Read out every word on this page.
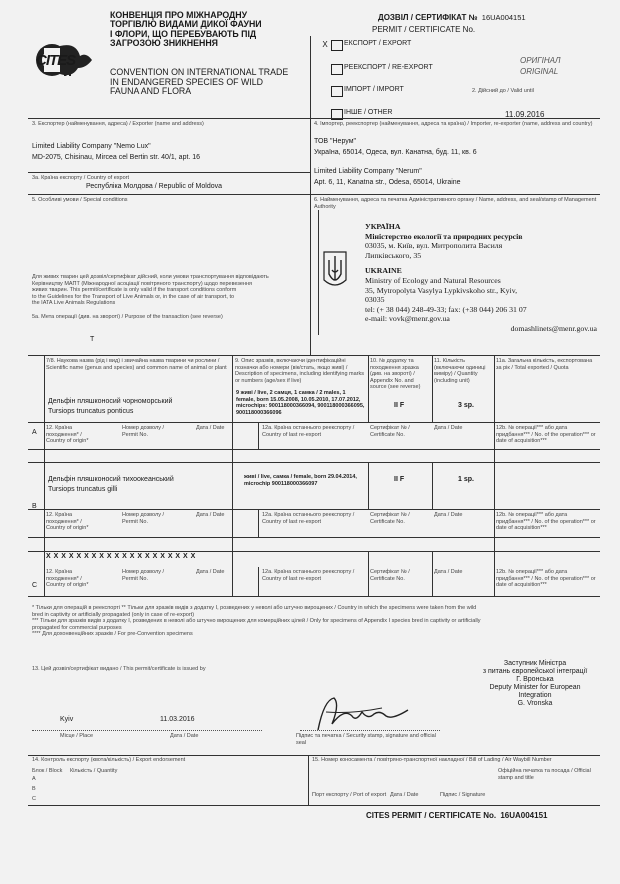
CITES
КОНВЕНЦІЯ ПРО МІЖНАРОДНУ
ТОРГІВЛЮ ВИДАМИ ДИКОЇ ФАУНИ
І ФЛОРИ, ЩО ПЕРЕБУВАЮТЬ ПІД
ЗАГРОЗОЮ ЗНИКНЕННЯ
CONVENTION ON INTERNATIONAL TRADE
IN ENDANGERED SPECIES OF WILD
FAUNA AND FLORA
ДОЗВІЛ / СЕРТИФІКАТ № 16UA004151
PERMIT / CERTIFICATE No.
X	ЕКСПОРТ / EXPORT
РЕЕКСПОРТ / RE-EXPORT
ІМПОРТ / IMPORT
ІНШЕ / OTHER
ОРИГІНАЛ
ORIGINAL
2. Дійсний до / Valid until
11.09.2016
3. Експортер (найменування, адреса) / Exporter (name and address)
Limited Liability Company "Nemo Lux"
MD-2075, Chisinau, Mircea cel Bertin str. 40/1, apt. 16
3a. Країна експорту / Country of export
Республіка Молдова / Republic of Moldova
5. Особливі умови / Special conditions
Для живих тварин цей дозвіл/сертифікат дійсний, коли умови транспортування відповідають
Керівництву МАПТ (Міжнародної асоціації повітряного транспорту) щодо перевезення
живих тварин. This permit/certificate is only valid if the transport conditions conform
to the Guidelines for the Transport of Live Animals or, in the case of air transport, to
the IATA Live Animals Regulations
5a. Мета операції (див. на звороті) / Purpose of the transaction (see reverse)
T
4. Імпортер, реекспортер (найменування, адреса та країна) / Importer, re-exporter (name, address and country)
ТОВ "Нерум"
Україна, 65014, Одеса, вул. Канатна, буд. 11, кв. 6
Limited Liability Company "Nerum"
Apt. 6, 11, Kanatna str., Odesa, 65014, Ukraine
6. Найменування, адреса та печатка Адміністративного органу / Name, address, and seal/stamp of Management Authority
УКРАЇНА
Міністерство екології та природних ресурсів
03035, м. Київ, вул. Митрополита Василя
Липківського, 35
UKRAINE
Ministry of Ecology and Natural Resources
35, Mytropolyta Vasylya Lypkivskoho str., Kyiv,
03035
tel: (+ 38 044) 248-49-33; fax: (+38 044) 206 31 07
e-mail: vovk@menr.gov.ua
domashlinets@menr.gov.ua
7/8. Наукова назва (рід і вид) і звичайна назва тварини чи рослини / Scientific name (genus and species) and common name of animal or plant
9. Опис зразків, включаючи ідентифікаційні позначки або номери (вік/стать, якщо живі) / Description of specimens, including identifying marks or numbers (age/sex if live)
10. № додатку та походження зразка (див. на звороті) / Appendix No. and source (see reverse)
11. Кількість (включаючи одиниці виміру) / Quantity (including unit)
11a. Загальна кількість, експортована за рік / Total exported / Quota
A
Дельфін пляшконосий чорноморський
Tursiops truncatus ponticus
9 живі / live, 2 самця, 1 самка / 2 males, 1 female, born 15.05.2008, 10.05.2010, 17.07.2012, microchips: 900118000366094, 900118000366095, 900118000366096
II F	3 sp.
B
Дельфін пляшконосий тихоокеанський
Tursiops truncatus gilli
живі / live, самка / female, born 29.04.2014, microchip 900118000366097
II F	1 sp.
C
X X X X X X X X X X X X X X X X X X X X
12. Країна походження* / Country of origin*
Номер дозволу / Permit No.
Дата / Date	12a. Країна останнього реекспорту / Country of last re-export
Сертифікат № / Certificate No.
Дата / Date	12b. № операції*** або дата придбання*** / No. of the operation*** or date of acquisition***
12. Країна походження* / Country of origin*
Номер дозволу / Permit No.
Дата / Date	12a. Країна останнього реекспорту / Country of last re-export
Сертифікат № / Certificate No.
Дата / Date	12b. № операції*** або дата придбання*** / No. of the operation*** or date of acquisition***
12. Країна походження* / Country of origin*
Номер дозволу / Permit No.
Дата / Date	12a. Країна останнього реекспорту / Country of last re-export
Сертифікат № / Certificate No.
Дата / Date	12b. № операції*** або дата придбання*** / No. of the operation*** or date of acquisition***
* Тільки для операцій в реекспорті ** Тільки для зразків видів з додатку I, розведених у неволі або штучно вирощених / Country in which the specimens were taken from the wild
bred in captivity or artificially propagated (only in case of re-export)
*** Тільки для зразків видів з додатку I, розведених в неволі або штучно вирощених для комерційних цілей / Only for specimens of Appendix I species bred in captivity or artificially
propagated for commercial purposes
**** Для дохонвенційних зразків / For pre-Convention specimens
13. Цей дозвіл/сертифікат видано / This permit/certificate is issued by
Kyiv	11.03.2016
Місце / Place	Дата / Date	Підпис та печатка / Security stamp, signature and official seal
Заступник Міністра
з питань європейської інтеграції
Г. Вронська
Deputy Minister for European
Integration
G. Vronska
14. Контроль експорту (квота/кількість) / Export endorsement	15. Номер коносамента / повітряно-транспортної накладної / Bill of Lading / Air Waybill Number
Блок / Block Кількість / Quantity
A
B
C
Порт експорту / Port of export Дата / Date	Підпис / Signature
Офіційна печатка та посада / Official stamp and title
CITES PERMIT / CERTIFICATE No. 16UA004151
